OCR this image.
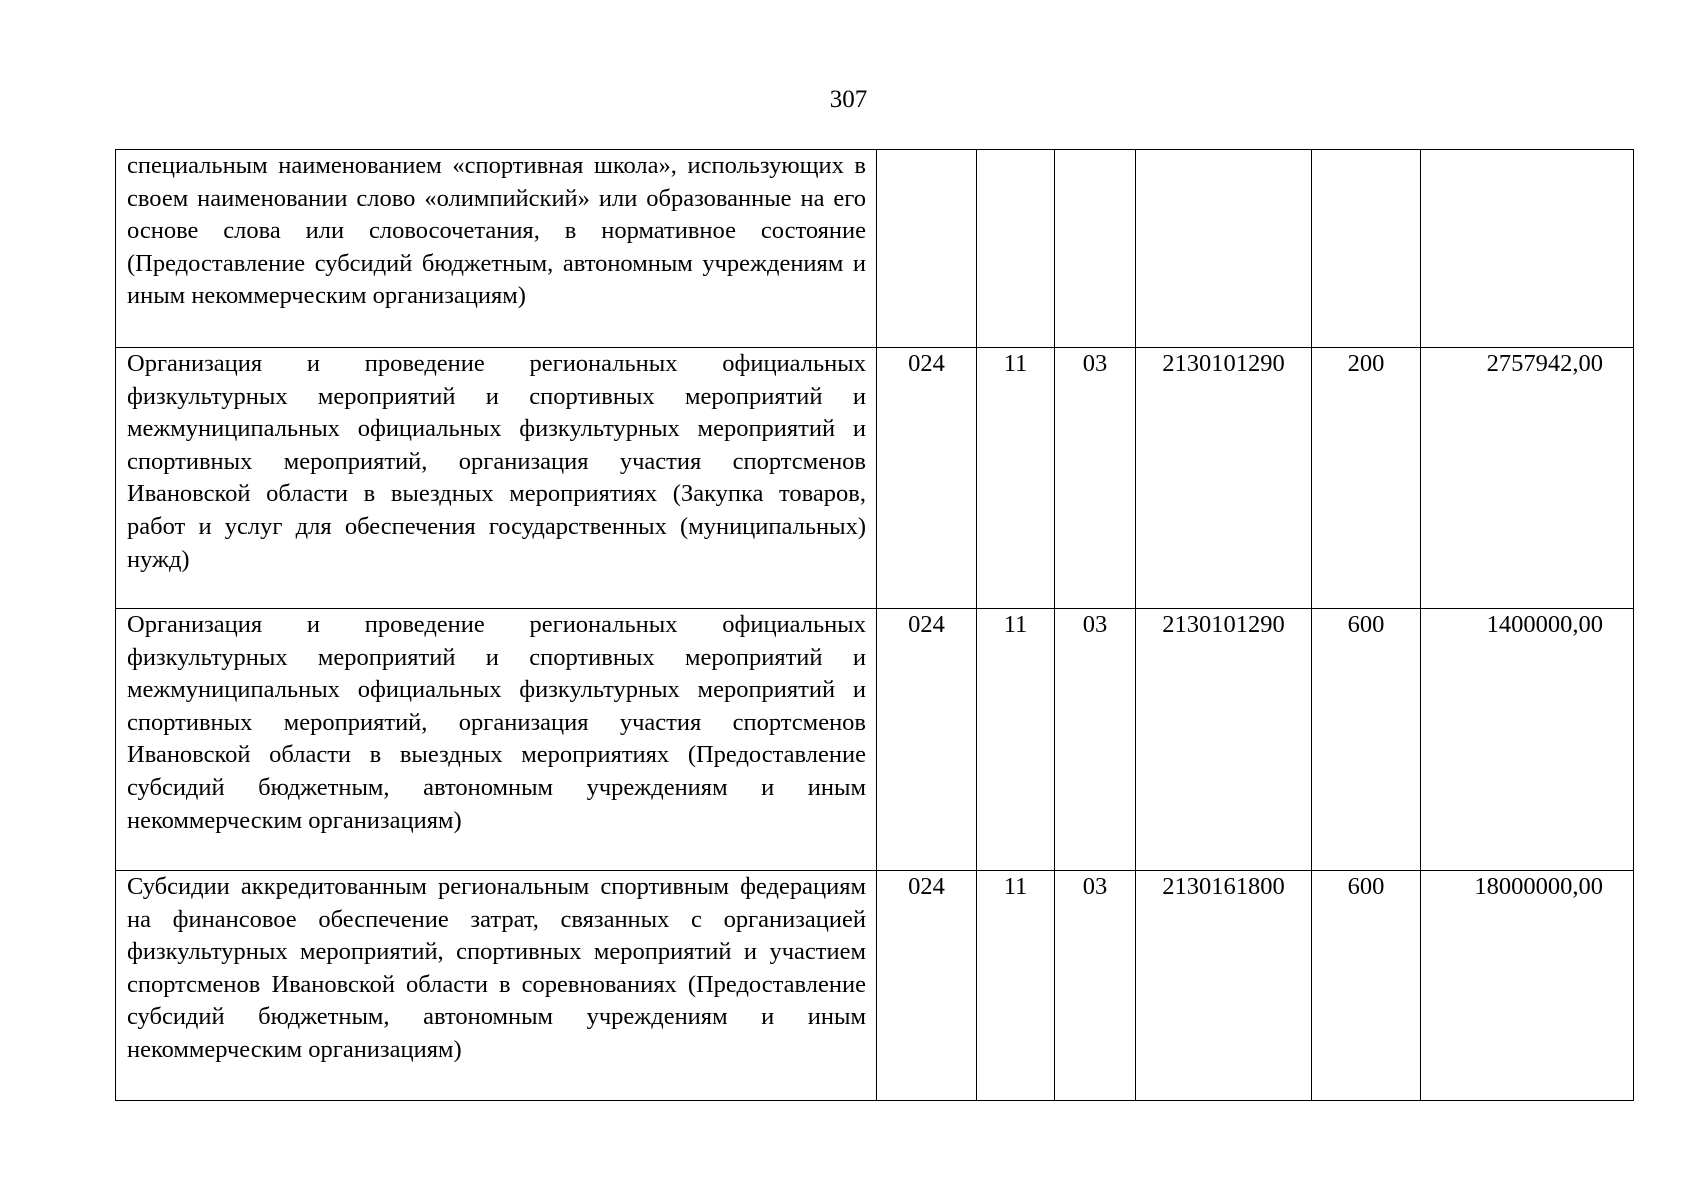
307
специальным наименованием «спортивная школа», использующих в своем наименовании слово «олимпийский» или образованные на его основе слова или словосочетания, в нормативное состояние (Предоставление субсидий бюджетным, автономным учреждениям и иным некоммерческим организациям)						
Организация и проведение региональных официальных физкультурных мероприятий и спортивных мероприятий и межмуниципальных официальных физкультурных мероприятий и спортивных мероприятий, организация участия спортсменов Ивановской области в выездных мероприятиях (Закупка товаров, работ и услуг для обеспечения государственных (муниципальных) нужд)	024	11	03	2130101290	200	2757942,00
Организация и проведение региональных официальных физкультурных мероприятий и спортивных мероприятий и межмуниципальных официальных физкультурных мероприятий и спортивных мероприятий, организация участия спортсменов Ивановской области в выездных мероприятиях (Предоставление субсидий бюджетным, автономным учреждениям и иным некоммерческим организациям)	024	11	03	2130101290	600	1400000,00
Субсидии аккредитованным региональным спортивным федерациям на финансовое обеспечение затрат, связанных с организацией физкультурных мероприятий, спортивных мероприятий и участием спортсменов Ивановской области в соревнованиях (Предоставление субсидий бюджетным, автономным учреждениям и иным некоммерческим организациям)	024	11	03	2130161800	600	18000000,00
